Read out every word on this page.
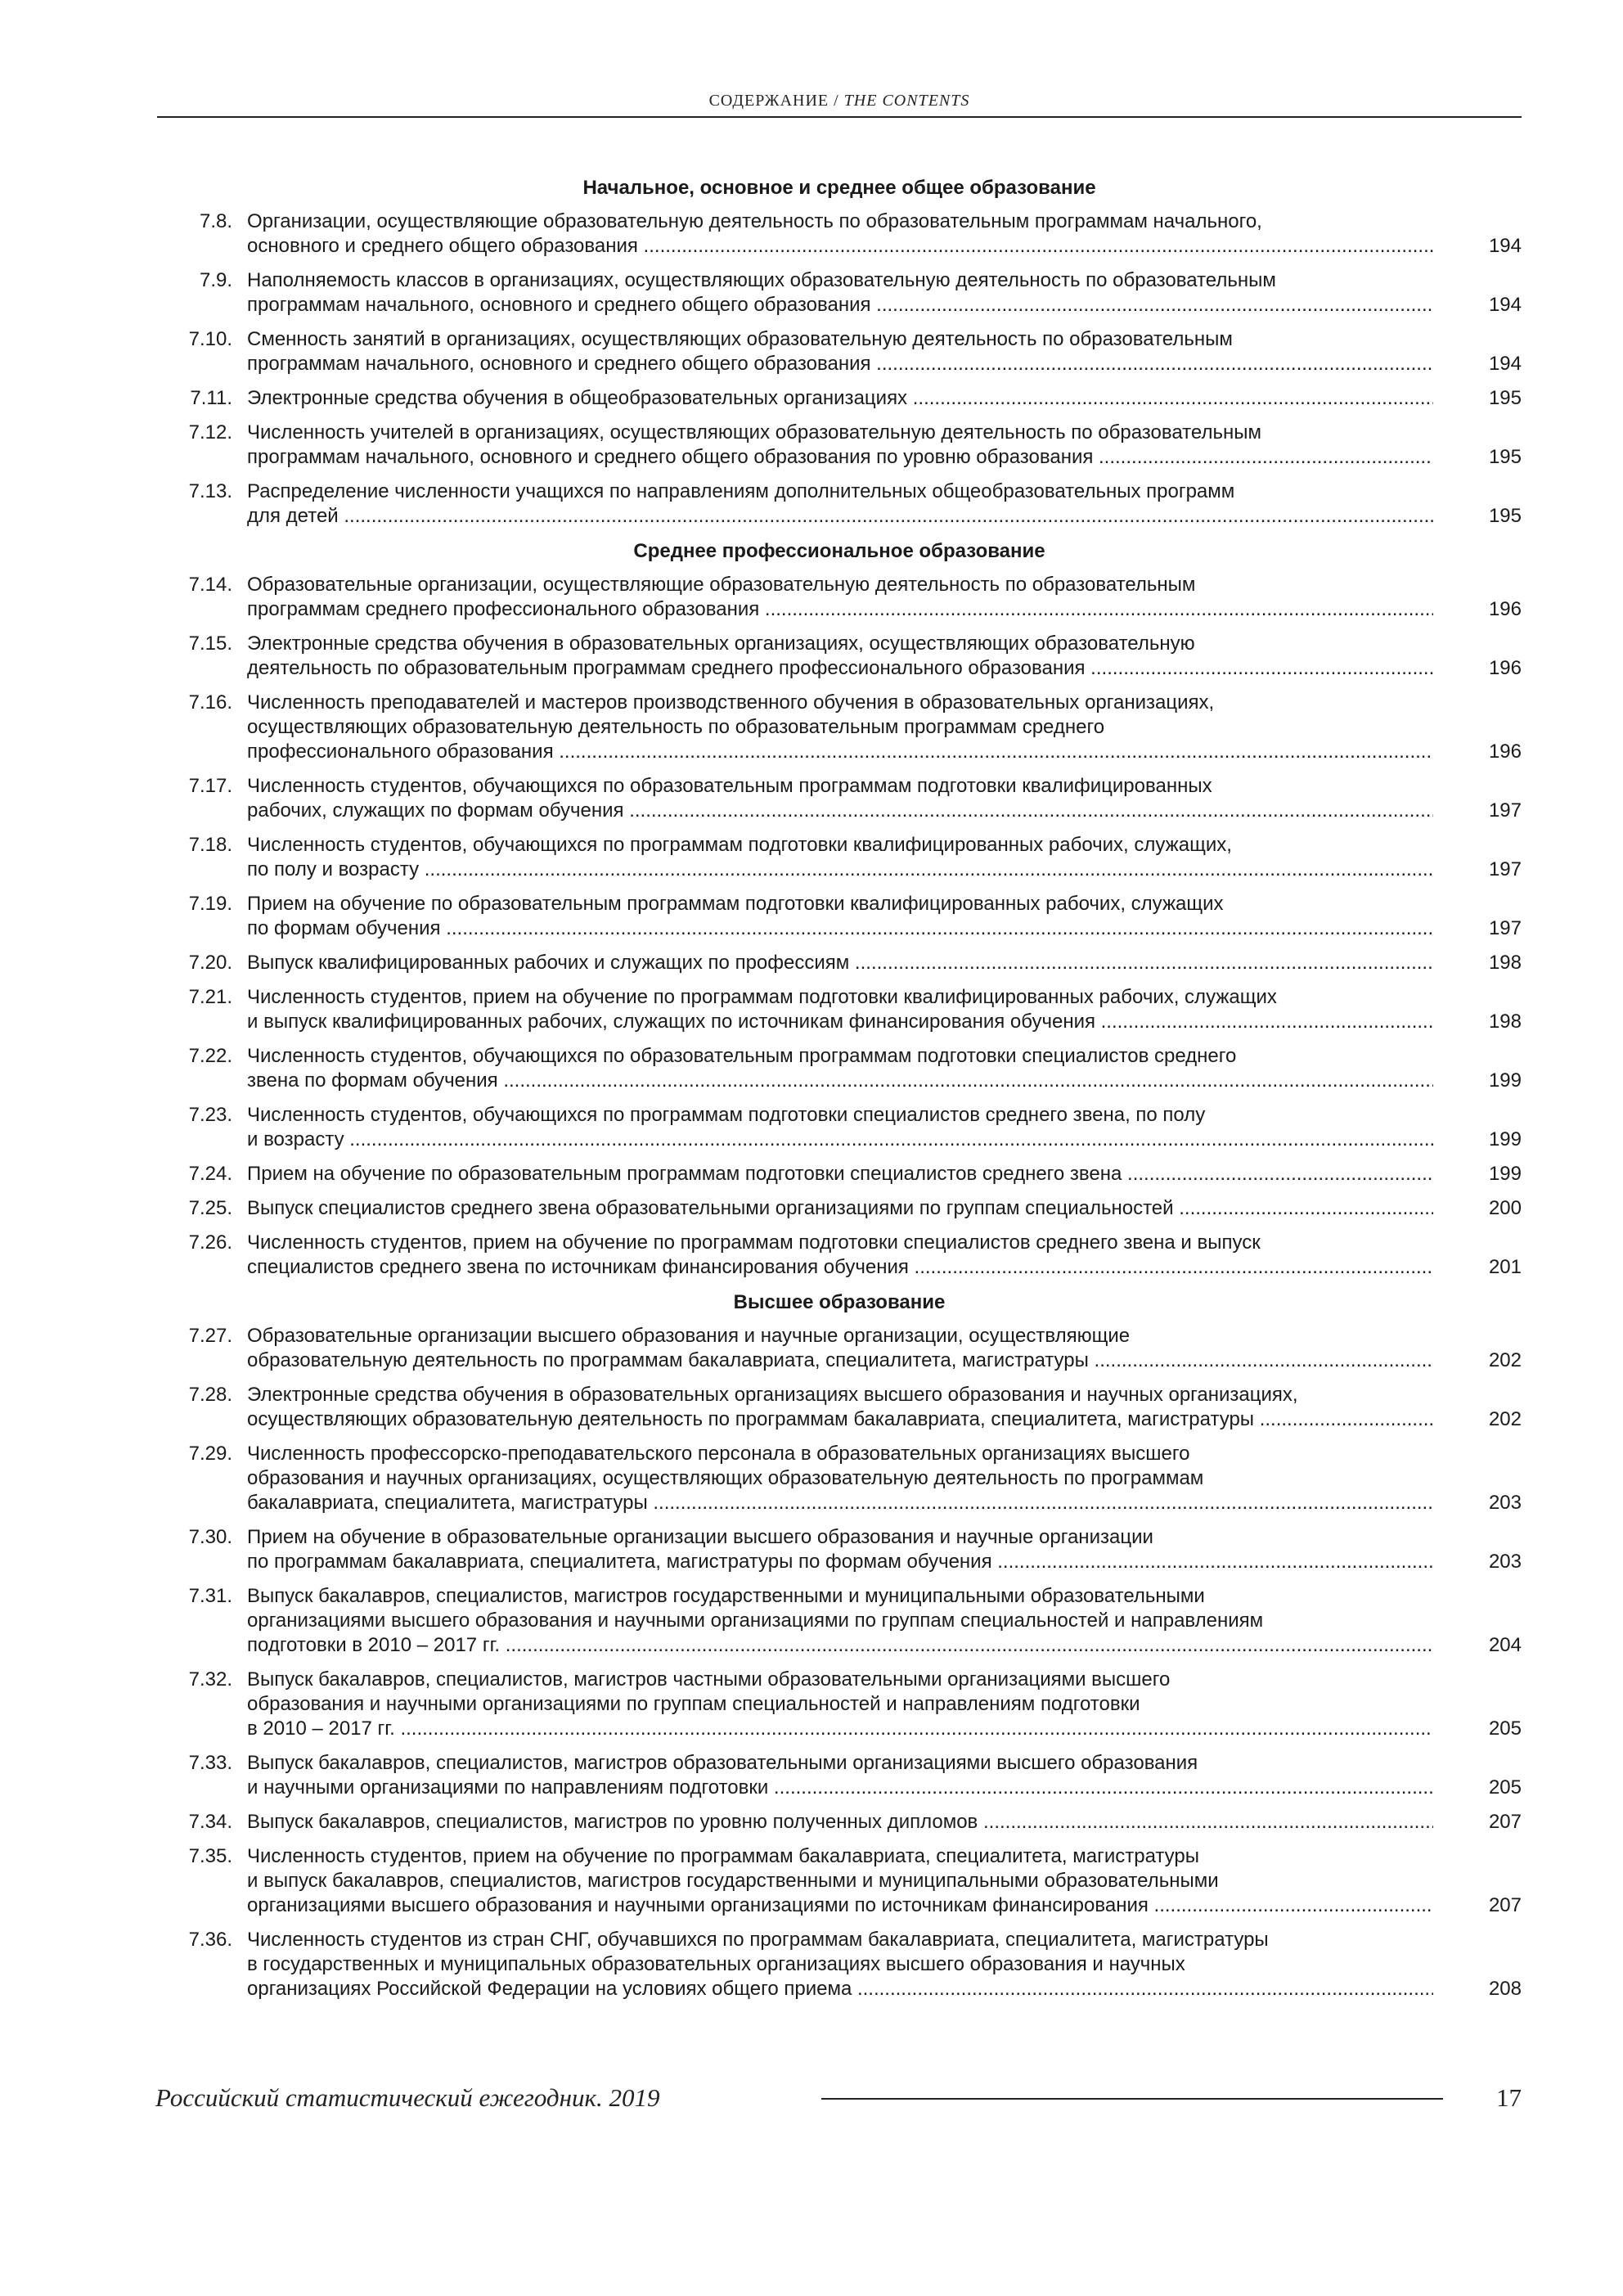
СОДЕРЖАНИЕ / THE CONTENTS
Начальное, основное и среднее общее образование
7.8. Организации, осуществляющие образовательную деятельность по образовательным программам начального,
основного и среднего общего образования .....	194
7.9. Наполняемость классов в организациях, осуществляющих образовательную деятельность по образовательным
программам начального, основного и среднего общего образования .....	194
7.10. Сменность занятий в организациях, осуществляющих образовательную деятельность по образовательным
программам начального, основного и среднего общего образования .....	194
7.11. Электронные средства обучения в общеобразовательных организациях .....	195
7.12. Численность учителей в организациях, осуществляющих образовательную деятельность по образовательным
программам начального, основного и среднего общего образования по уровню образования .....	195
7.13. Распределение численности учащихся по направлениям дополнительных общеобразовательных программ
для детей .....	195
Среднее профессиональное образование
7.14. Образовательные организации, осуществляющие образовательную деятельность по образовательным
программам среднего профессионального образования .....	196
7.15. Электронные средства обучения в образовательных организациях, осуществляющих образовательную
деятельность по образовательным программам среднего профессионального образования .....	196
7.16. Численность преподавателей и мастеров производственного обучения в образовательных организациях,
осуществляющих образовательную деятельность по образовательным программам среднего
профессионального образования .....	196
7.17. Численность студентов, обучающихся по образовательным программам подготовки квалифицированных
рабочих, служащих по формам обучения .....	197
7.18. Численность студентов, обучающихся по программам подготовки квалифицированных рабочих, служащих,
по полу и возрасту .....	197
7.19. Прием на обучение по образовательным программам подготовки квалифицированных рабочих, служащих
по формам обучения .....	197
7.20. Выпуск квалифицированных рабочих и служащих по профессиям .....	198
7.21. Численность студентов, прием на обучение по программам подготовки квалифицированных рабочих, служащих
и выпуск квалифицированных рабочих, служащих по источникам финансирования обучения .....	198
7.22. Численность студентов, обучающихся по образовательным программам подготовки специалистов среднего
звена по формам обучения .....	199
7.23. Численность студентов, обучающихся по программам подготовки специалистов среднего звена, по полу
и возрасту .....	199
7.24. Прием на обучение по образовательным программам подготовки специалистов среднего звена .....	199
7.25. Выпуск специалистов среднего звена образовательными организациями по группам специальностей .....	200
7.26. Численность студентов, прием на обучение по программам подготовки специалистов среднего звена и выпуск
специалистов среднего звена по источникам финансирования обучения .....	201
Высшее образование
7.27. Образовательные организации высшего образования и научные организации, осуществляющие
образовательную деятельность по программам бакалавриата, специалитета, магистратуры .....	202
7.28. Электронные средства обучения в образовательных организациях высшего образования и научных организациях,
осуществляющих образовательную деятельность по программам бакалавриата, специалитета, магистратуры .....	202
7.29. Численность профессорско-преподавательского персонала в образовательных организациях высшего
образования и научных организациях, осуществляющих образовательную деятельность по программам
бакалавриата, специалитета, магистратуры .....	203
7.30. Прием на обучение в образовательные организации высшего образования и научные организации
по программам бакалавриата, специалитета, магистратуры по формам обучения .....	203
7.31. Выпуск бакалавров, специалистов, магистров государственными и муниципальными образовательными
организациями высшего образования и научными организациями по группам специальностей и направлениям
подготовки в 2010 – 2017 гг. .....	204
7.32. Выпуск бакалавров, специалистов, магистров частными образовательными организациями высшего
образования и научными организациями по группам специальностей и направлениям подготовки
в 2010 – 2017 гг. .....	205
7.33. Выпуск бакалавров, специалистов, магистров образовательными организациями высшего образования
и научными организациями по направлениям подготовки .....	205
7.34. Выпуск бакалавров, специалистов, магистров по уровню полученных дипломов .....	207
7.35. Численность студентов, прием на обучение по программам бакалавриата, специалитета, магистратуры
и выпуск бакалавров, специалистов, магистров государственными и муниципальными образовательными
организациями высшего образования и научными организациями по источникам финансирования .....	207
7.36. Численность студентов из стран СНГ, обучавшихся по программам бакалавриата, специалитета, магистратуры
в государственных и муниципальных образовательных организациях высшего образования и научных
организациях Российской Федерации на условиях общего приема .....	208
Российский статистический ежегодник. 2019	17
